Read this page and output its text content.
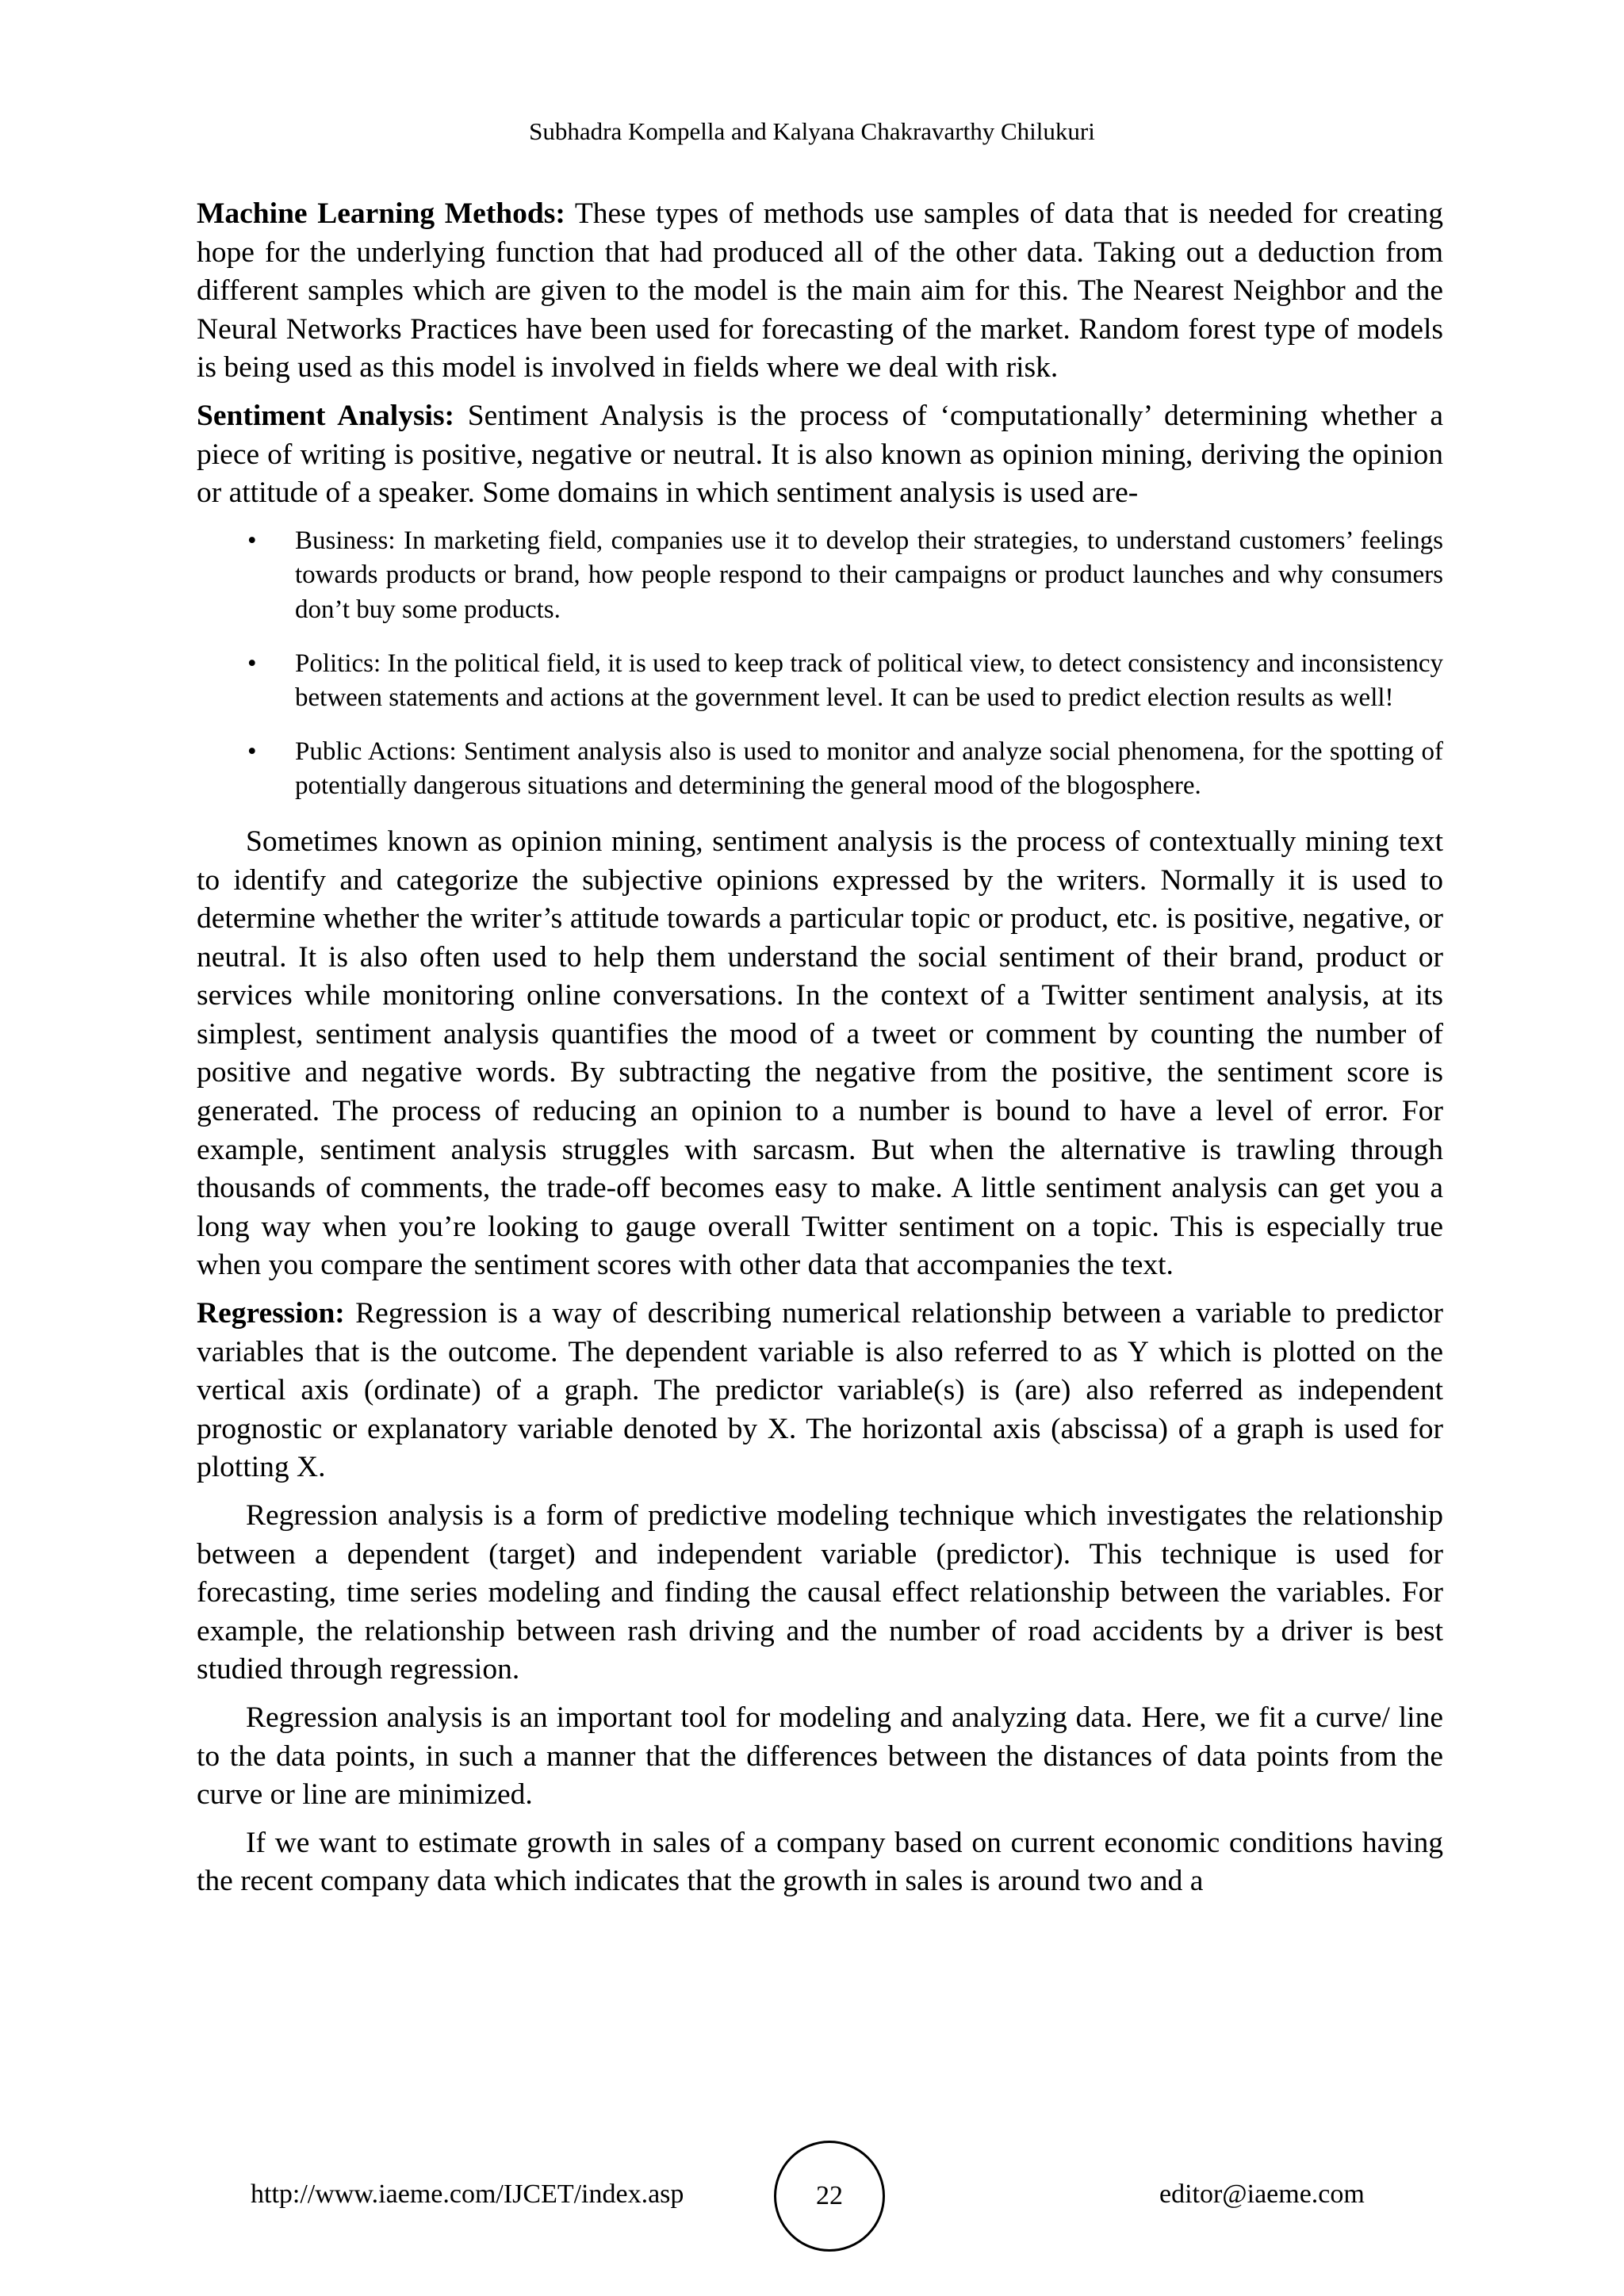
Subhadra Kompella and Kalyana Chakravarthy Chilukuri

Machine Learning Methods: These types of methods use samples of data that is needed for creating hope for the underlying function that had produced all of the other data. Taking out a deduction from different samples which are given to the model is the main aim for this. The Nearest Neighbor and the Neural Networks Practices have been used for forecasting of the market. Random forest type of models is being used as this model is involved in fields where we deal with risk.

Sentiment Analysis: Sentiment Analysis is the process of ‘computationally’ determining whether a piece of writing is positive, negative or neutral. It is also known as opinion mining, deriving the opinion or attitude of a speaker. Some domains in which sentiment analysis is used are-

• Business: In marketing field, companies use it to develop their strategies, to understand customers’ feelings towards products or brand, how people respond to their campaigns or product launches and why consumers don’t buy some products.
• Politics: In the political field, it is used to keep track of political view, to detect consistency and inconsistency between statements and actions at the government level. It can be used to predict election results as well!
• Public Actions: Sentiment analysis also is used to monitor and analyze social phenomena, for the spotting of potentially dangerous situations and determining the general mood of the blogosphere.

Sometimes known as opinion mining, sentiment analysis is the process of contextually mining text to identify and categorize the subjective opinions expressed by the writers. Normally it is used to determine whether the writer’s attitude towards a particular topic or product, etc. is positive, negative, or neutral. It is also often used to help them understand the social sentiment of their brand, product or services while monitoring online conversations. In the context of a Twitter sentiment analysis, at its simplest, sentiment analysis quantifies the mood of a tweet or comment by counting the number of positive and negative words. By subtracting the negative from the positive, the sentiment score is generated. The process of reducing an opinion to a number is bound to have a level of error. For example, sentiment analysis struggles with sarcasm. But when the alternative is trawling through thousands of comments, the trade-off becomes easy to make. A little sentiment analysis can get you a long way when you’re looking to gauge overall Twitter sentiment on a topic. This is especially true when you compare the sentiment scores with other data that accompanies the text.

Regression: Regression is a way of describing numerical relationship between a variable to predictor variables that is the outcome. The dependent variable is also referred to as Y which is plotted on the vertical axis (ordinate) of a graph. The predictor variable(s) is (are) also referred as independent prognostic or explanatory variable denoted by X. The horizontal axis (abscissa) of a graph is used for plotting X.

Regression analysis is a form of predictive modeling technique which investigates the relationship between a dependent (target) and independent variable (predictor). This technique is used for forecasting, time series modeling and finding the causal effect relationship between the variables. For example, the relationship between rash driving and the number of road accidents by a driver is best studied through regression.

Regression analysis is an important tool for modeling and analyzing data. Here, we fit a curve/ line to the data points, in such a manner that the differences between the distances of data points from the curve or line are minimized.

If we want to estimate growth in sales of a company based on current economic conditions having the recent company data which indicates that the growth in sales is around two and a

http://www.iaeme.com/IJCET/index.asp	22	editor@iaeme.com
